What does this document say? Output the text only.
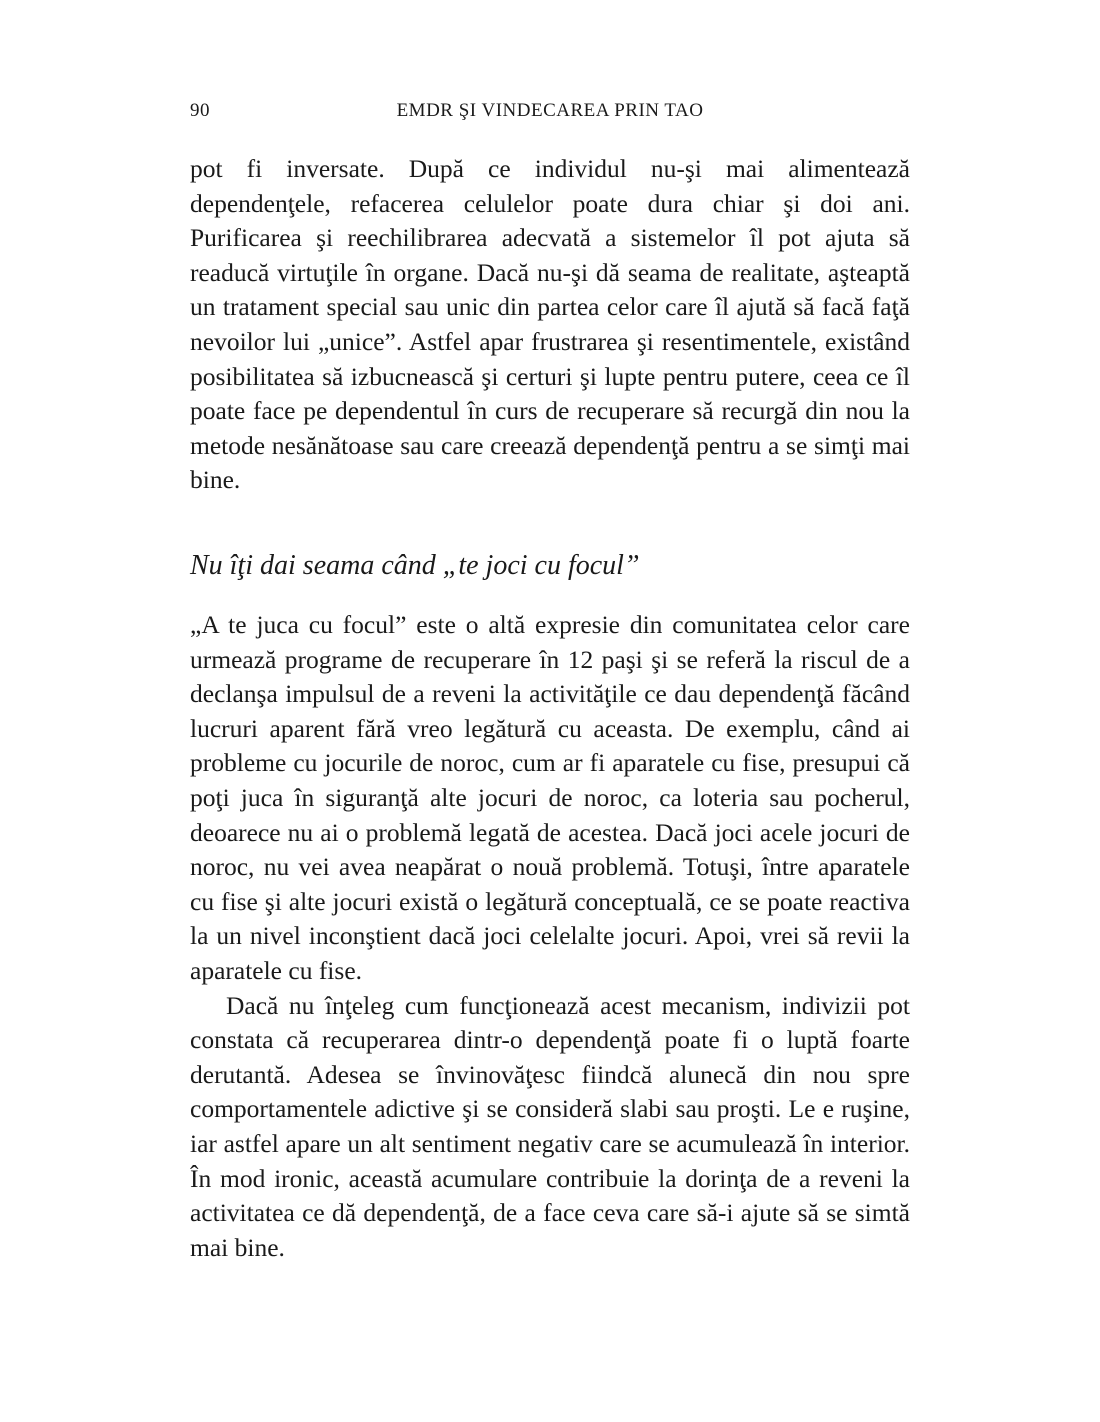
90	EMDR ŞI VINDECAREA PRIN TAO

pot fi inversate. După ce individul nu-şi mai alimentează dependenţele, refacerea celulelor poate dura chiar şi doi ani. Purificarea şi reechilibrarea adecvată a sistemelor îl pot ajuta să readucă virtuţile în organe. Dacă nu-şi dă seama de realitate, aşteaptă un tratament special sau unic din partea celor care îl ajută să facă faţă nevoilor lui „unice”. Astfel apar frustrarea şi resentimentele, existând posibilitatea să izbucnească şi certuri şi lupte pentru putere, ceea ce îl poate face pe dependentul în curs de recuperare să recurgă din nou la metode nesănătoase sau care creează dependenţă pentru a se simţi mai bine.

Nu îţi dai seama când „te joci cu focul”

„A te juca cu focul” este o altă expresie din comunitatea celor care urmează programe de recuperare în 12 paşi şi se referă la riscul de a declanşa impulsul de a reveni la activităţile ce dau dependenţă făcând lucruri aparent fără vreo legătură cu aceasta. De exemplu, când ai probleme cu jocurile de noroc, cum ar fi aparatele cu fise, presupui că poţi juca în siguranţă alte jocuri de noroc, ca loteria sau pocherul, deoarece nu ai o problemă legată de acestea. Dacă joci acele jocuri de noroc, nu vei avea neapărat o nouă problemă. Totuşi, între aparatele cu fise şi alte jocuri există o legătură conceptuală, ce se poate reactiva la un nivel inconştient dacă joci celelalte jocuri. Apoi, vrei să revii la aparatele cu fise.

Dacă nu înţeleg cum funcţionează acest mecanism, indivizii pot constata că recuperarea dintr-o dependenţă poate fi o luptă foarte derutantă. Adesea se învinovăţesc fiindcă alunecă din nou spre comportamentele adictive şi se consideră slabi sau proşti. Le e ruşine, iar astfel apare un alt sentiment negativ care se acumulează în interior. În mod ironic, această acumulare contribuie la dorinţa de a reveni la activitatea ce dă dependenţă, de a face ceva care să-i ajute să se simtă mai bine.
